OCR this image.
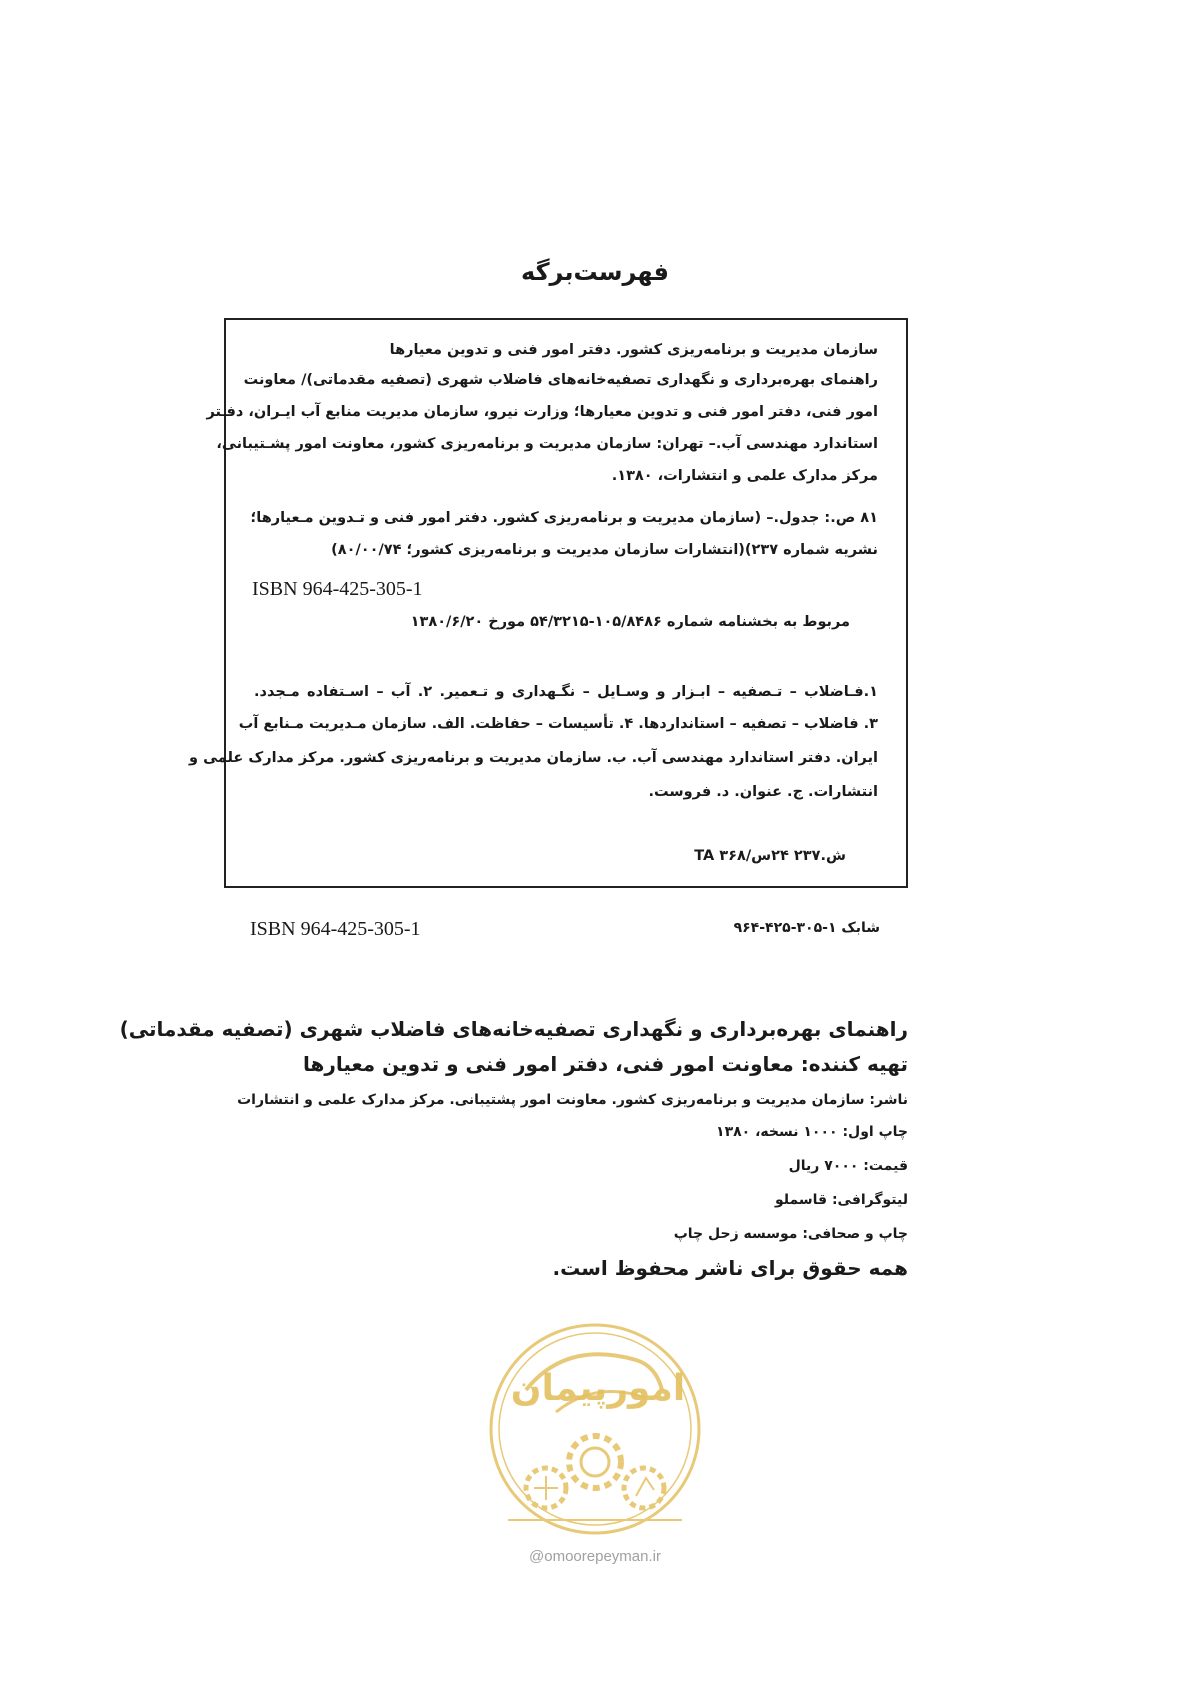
فهرست‌برگه
سازمان مدیریت و برنامه‌ریزی کشور. دفتر امور فنی و تدوین معیارها
راهنمای بهره‌برداری و نگهداری تصفیه‌خانه‌های فاضلاب شهری (تصفیه مقدماتی)/ معاونت
امور فنی، دفتر امور فنی و تدوین معیارها؛ وزارت نیرو، سازمان مدیریت منابع آب ایـران، دفـتر
استاندارد مهندسی آب.– تهران: سازمان مدیریت و برنامه‌ریزی کشور، معاونت امور پشـتیبانی،
مرکز مدارک علمی و انتشارات، ۱۳۸۰.
۸۱ ص.: جدول.– (سازمان مدیریت و برنامه‌ریزی کشور. دفتر امور فنی و تـدوین مـعیارها؛
نشریه شماره ۲۳۷)(انتشارات سازمان مدیریت و برنامه‌ریزی کشور؛ ۸۰/۰۰/۷۴)
ISBN 964-425-305-1
مربوط به بخشنامه شماره ۱۰۵/۸۴۸۶-۵۴/۳۲۱۵ مورخ ۱۳۸۰/۶/۲۰
۱.فـاضلاب – تـصفیه – ابـزار و وسـایل – نگـهداری و تـعمیر. ۲. آب – اسـتفاده مـجدد.
۳. فاضلاب – تصفیه – استانداردها. ۴. تأسیسات – حفاظت. الف. سازمان مـدیریت مـنابع آب
ایران. دفتر استاندارد مهندسی آب. ب. سازمان مدیریت و برنامه‌ریزی کشور. مرکز مدارک علمی و
انتشارات. ج. عنوان. د. فروست.
ش.۲۳۷ ۲۴س/۳۶۸ TA
ISBN 964-425-305-1	شابک ۱-۳۰۵-۴۲۵-۹۶۴
راهنمای بهره‌برداری و نگهداری تصفیه‌خانه‌های فاضلاب شهری (تصفیه مقدماتی)
تهیه کننده: معاونت امور فنی، دفتر امور فنی و تدوین معیارها
ناشر: سازمان مدیریت و برنامه‌ریزی کشور. معاونت امور پشتیبانی. مرکز مدارک علمی و انتشارات
چاپ اول: ۱۰۰۰ نسخه، ۱۳۸۰
قیمت: ۷۰۰۰ ریال
لیتوگرافی: قاسملو
چاپ و صحافی: موسسه زحل چاپ
همه حقوق برای ناشر محفوظ است.
امورپیمان
@omoorepeyman.ir
